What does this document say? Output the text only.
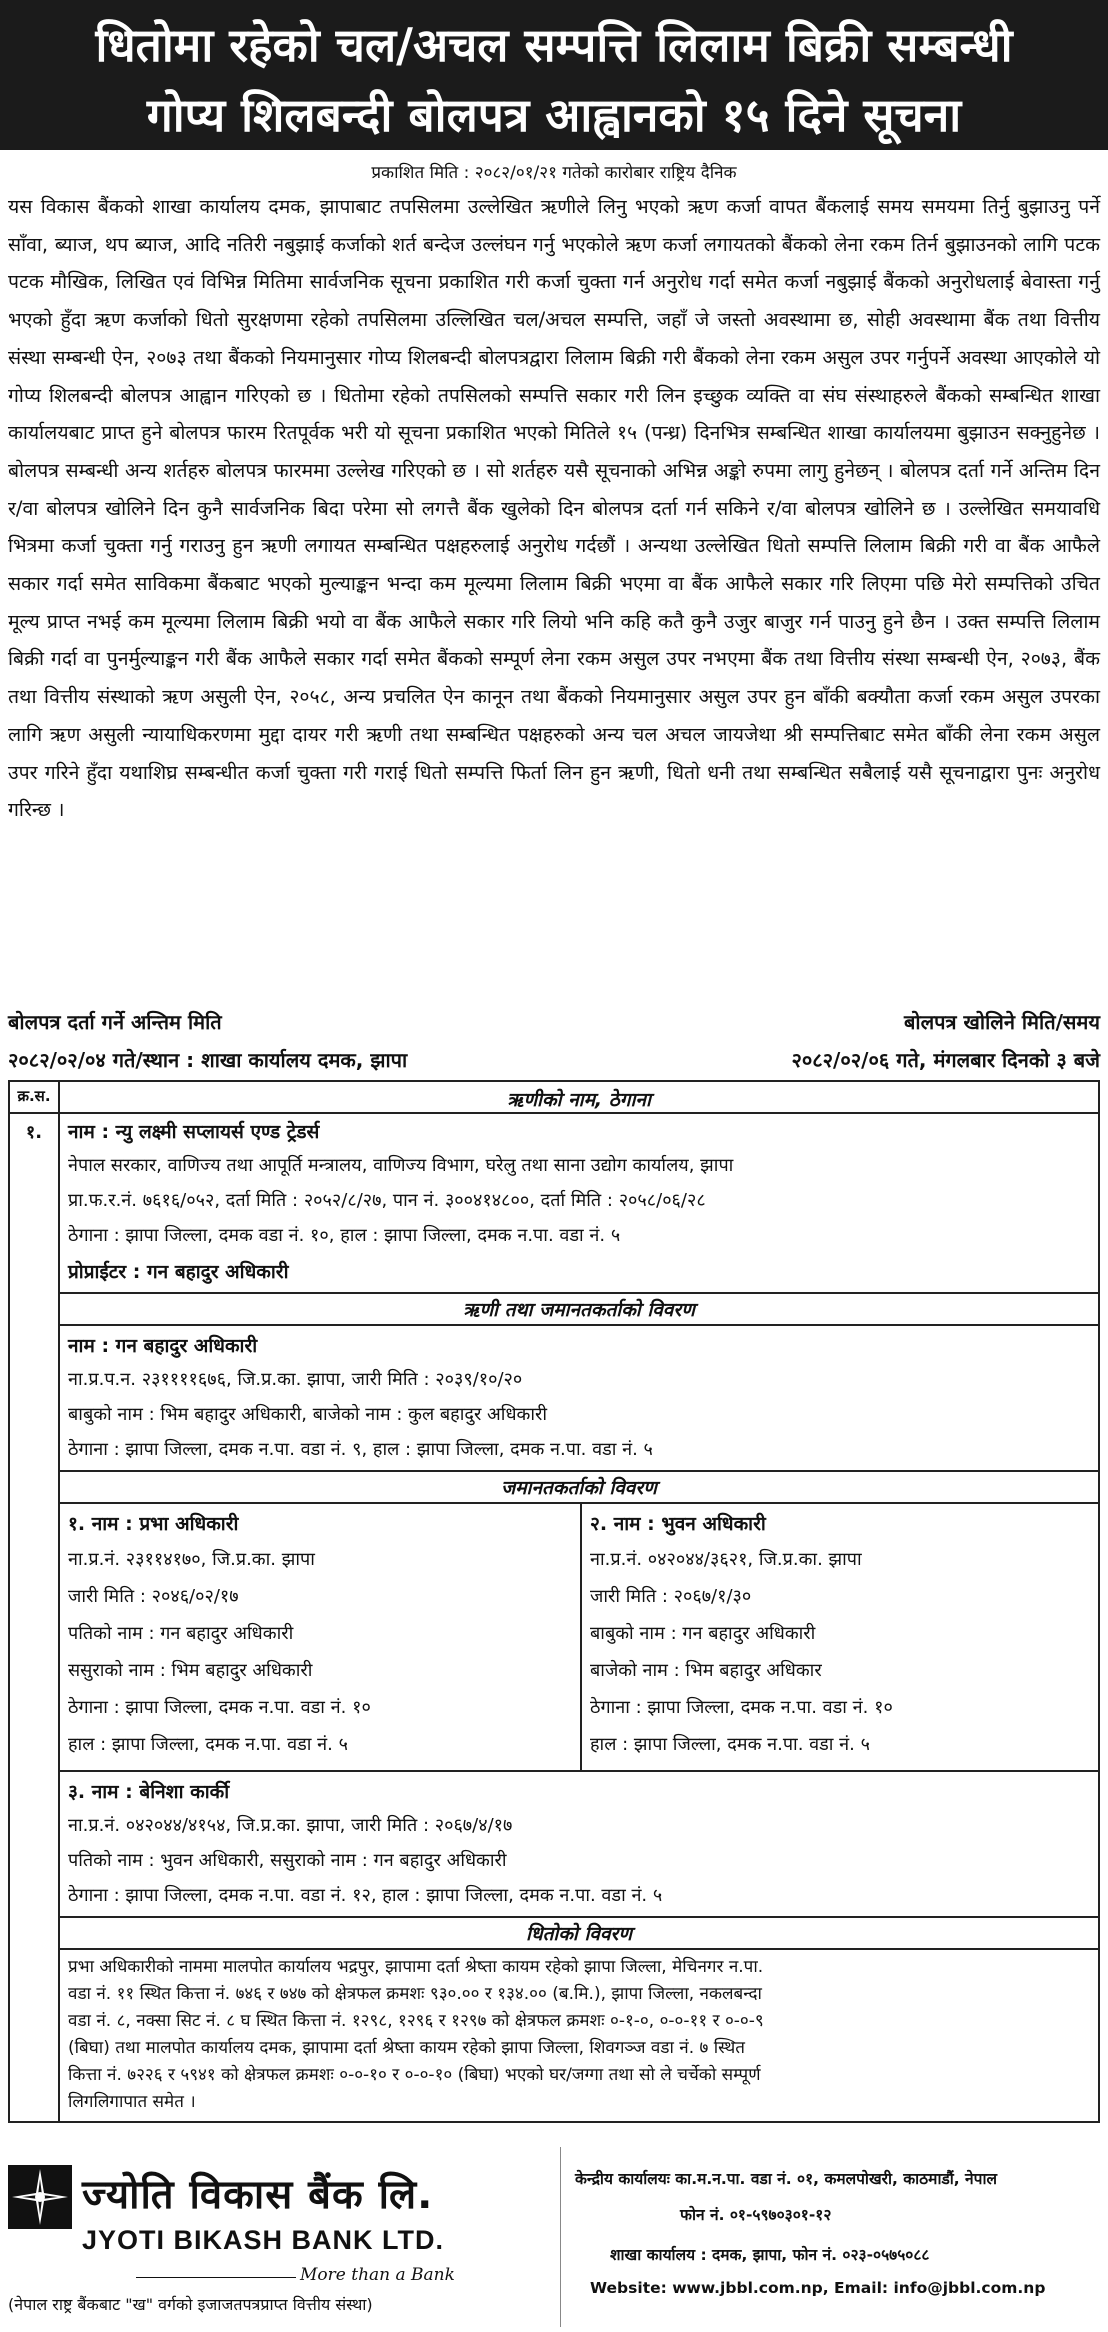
धितोमा रहेको चल/अचल सम्पत्ति लिलाम बिक्री सम्बन्धी
गोप्य शिलबन्दी बोलपत्र आह्वानको १५ दिने सूचना
प्रकाशित मिति : २०८२/०१/२१ गतेको कारोबार राष्ट्रिय दैनिक

यस विकास बैंकको शाखा कार्यालय दमक, झापाबाट तपसिलमा उल्लेखित ऋणीले लिनु भएको ऋण कर्जा वापत बैंकलाई समय समयमा तिर्नु बुझाउनु पर्ने साँवा, ब्याज, थप ब्याज, आदि नतिरी नबुझाई कर्जाको शर्त बन्देज उल्लंघन गर्नु भएकोले ऋण कर्जा लगायतको बैंकको लेना रकम तिर्न बुझाउनको लागि पटक पटक मौखिक, लिखित एवं विभिन्न मितिमा सार्वजनिक सूचना प्रकाशित गरी कर्जा चुक्ता गर्न अनुरोध गर्दा समेत कर्जा नबुझाई बैंकको अनुरोधलाई बेवास्ता गर्नु भएको हुँदा ऋण कर्जाको धितो सुरक्षणमा रहेको तपसिलमा उल्लिखित चल/अचल सम्पत्ति, जहाँ जे जस्तो अवस्थामा छ, सोही अवस्थामा बैंक तथा वित्तीय संस्था सम्बन्धी ऐन, २०७३ तथा बैंकको नियमानुसार गोप्य शिलबन्दी बोलपत्रद्वारा लिलाम बिक्री गरी बैंकको लेना रकम असुल उपर गर्नुपर्ने अवस्था आएकोले यो गोप्य शिलबन्दी बोलपत्र आह्वान गरिएको छ । धितोमा रहेको तपसिलको सम्पत्ति सकार गरी लिन इच्छुक व्यक्ति वा संघ संस्थाहरुले बैंकको सम्बन्धित शाखा कार्यालयबाट प्राप्त हुने बोलपत्र फारम रितपूर्वक भरी यो सूचना प्रकाशित भएको मितिले १५ (पन्ध्र) दिनभित्र सम्बन्धित शाखा कार्यालयमा बुझाउन सक्नुहुनेछ । बोलपत्र सम्बन्धी अन्य शर्तहरु बोलपत्र फारममा उल्लेख गरिएको छ । सो शर्तहरु यसै सूचनाको अभिन्न अङ्को रुपमा लागु हुनेछन् । बोलपत्र दर्ता गर्ने अन्तिम दिन र/वा बोलपत्र खोलिने दिन कुनै सार्वजनिक बिदा परेमा सो लगत्तै बैंक खुलेको दिन बोलपत्र दर्ता गर्न सकिने र/वा बोलपत्र खोलिने छ । उल्लेखित समयावधि भित्रमा कर्जा चुक्ता गर्नु गराउनु हुन ऋणी लगायत सम्बन्धित पक्षहरुलाई अनुरोध गर्दछौं । अन्यथा उल्लेखित धितो सम्पत्ति लिलाम बिक्री गरी वा बैंक आफैले सकार गर्दा समेत साविकमा बैंकबाट भएको मुल्याङ्कन भन्दा कम मूल्यमा लिलाम बिक्री भएमा वा बैंक आफैले सकार गरि लिएमा पछि मेरो सम्पत्तिको उचित मूल्य प्राप्त नभई कम मूल्यमा लिलाम बिक्री भयो वा बैंक आफैले सकार गरि लियो भनि कहि कतै कुनै उजुर बाजुर गर्न पाउनु हुने छैन । उक्त सम्पत्ति लिलाम बिक्री गर्दा वा पुनर्मुल्याङ्कन गरी बैंक आफैले सकार गर्दा समेत बैंकको सम्पूर्ण लेना रकम असुल उपर नभएमा बैंक तथा वित्तीय संस्था सम्बन्धी ऐन, २०७३, बैंक तथा वित्तीय संस्थाको ऋण असुली ऐन, २०५८, अन्य प्रचलित ऐन कानून तथा बैंकको नियमानुसार असुल उपर हुन बाँकी बक्यौता कर्जा रकम असुल उपरका लागि ऋण असुली न्यायाधिकरणमा मुद्दा दायर गरी ऋणी तथा सम्बन्धित पक्षहरुको अन्य चल अचल जायजेथा श्री सम्पत्तिबाट समेत बाँकी लेना रकम असुल उपर गरिने हुँदा यथाशिघ्र सम्बन्धीत कर्जा चुक्ता गरी गराई धितो सम्पत्ति फिर्ता लिन हुन ऋणी, धितो धनी तथा सम्बन्धित सबैलाई यसै सूचनाद्वारा पुनः अनुरोध गरिन्छ ।

बोलपत्र दर्ता गर्ने अन्तिम मिति	बोलपत्र खोलिने मिति/समय
२०८२/०२/०४ गते/स्थान : शाखा कार्यालय दमक, झापा	२०८२/०२/०६ गते, मंगलबार दिनको ३ बजे
क्र.स.	ऋणीको नाम, ठेगाना
१.	नाम : न्यु लक्ष्मी सप्लायर्स एण्ड ट्रेडर्स
नेपाल सरकार, वाणिज्य तथा आपूर्ति मन्त्रालय, वाणिज्य विभाग, घरेलु तथा साना उद्योग कार्यालय, झापा
प्रा.फ.र.नं. ७६१६/०५२, दर्ता मिति : २०५२/८/२७, पान नं. ३००४१४८००, दर्ता मिति : २०५८/०६/२८
ठेगाना : झापा जिल्ला, दमक वडा नं. १०, हाल : झापा जिल्ला, दमक न.पा. वडा नं. ५
प्रोप्राईटर : गन बहादुर अधिकारी
ऋणी तथा जमानतकर्ताको विवरण
नाम : गन बहादुर अधिकारी
ना.प्र.प.न. २३११११६७६, जि.प्र.का. झापा, जारी मिति : २०३९/१०/२०
बाबुको नाम : भिम बहादुर अधिकारी, बाजेको नाम : कुल बहादुर अधिकारी
ठेगाना : झापा जिल्ला, दमक न.पा. वडा नं. ९, हाल : झापा जिल्ला, दमक न.पा. वडा नं. ५
जमानतकर्ताको विवरण
१. नाम : प्रभा अधिकारी
ना.प्र.नं. २३११४१७०, जि.प्र.का. झापा
जारी मिति : २०४६/०२/१७
पतिको नाम : गन बहादुर अधिकारी
ससुराको नाम : भिम बहादुर अधिकारी
ठेगाना : झापा जिल्ला, दमक न.पा. वडा नं. १०
हाल : झापा जिल्ला, दमक न.पा. वडा नं. ५
२. नाम : भुवन अधिकारी
ना.प्र.नं. ०४२०४४/३६२१, जि.प्र.का. झापा
जारी मिति : २०६७/१/३०
बाबुको नाम : गन बहादुर अधिकारी
बाजेको नाम : भिम बहादुर अधिकार
ठेगाना : झापा जिल्ला, दमक न.पा. वडा नं. १०
हाल : झापा जिल्ला, दमक न.पा. वडा नं. ५
३. नाम : बेनिशा कार्की
ना.प्र.नं. ०४२०४४/४१५४, जि.प्र.का. झापा, जारी मिति : २०६७/४/१७
पतिको नाम : भुवन अधिकारी, ससुराको नाम : गन बहादुर अधिकारी
ठेगाना : झापा जिल्ला, दमक न.पा. वडा नं. १२, हाल : झापा जिल्ला, दमक न.पा. वडा नं. ५
धितोको विवरण
प्रभा अधिकारीको नाममा मालपोत कार्यालय भद्रपुर, झापामा दर्ता श्रेष्ता कायम रहेको झापा जिल्ला, मेचिनगर न.पा.
वडा नं. ११ स्थित कित्ता नं. ७४६ र ७४७ को क्षेत्रफल क्रमशः ९३०.०० र १३४.०० (ब.मि.), झापा जिल्ला, नकलबन्दा
वडा नं. ८, नक्सा सिट नं. ८ घ स्थित कित्ता नं. १२९८, १२९६ र १२९७ को क्षेत्रफल क्रमशः ०-१-०, ०-०-११ र ०-०-९
(बिघा) तथा मालपोत कार्यालय दमक, झापामा दर्ता श्रेष्ता कायम रहेको झापा जिल्ला, शिवगञ्ज वडा नं. ७ स्थित
कित्ता नं. ७२२६ र ५९४१ को क्षेत्रफल क्रमशः ०-०-१० र ०-०-१० (बिघा) भएको घर/जग्गा तथा सो ले चर्चेको सम्पूर्ण
लिगलिगापात समेत ।
ज्योति विकास बैंक लि.
JYOTI BIKASH BANK LTD.
More than a Bank
(नेपाल राष्ट्र बैंकबाट "ख" वर्गको इजाजतपत्रप्राप्त वित्तीय संस्था)
केन्द्रीय कार्यालयः का.म.न.पा. वडा नं. ०१, कमलपोखरी, काठमाडौं, नेपाल
फोन नं. ०१-५९७०३०१-१२
शाखा कार्यालय : दमक, झापा, फोन नं. ०२३-०५७५०८८
Website: www.jbbl.com.np, Email: info@jbbl.com.np
